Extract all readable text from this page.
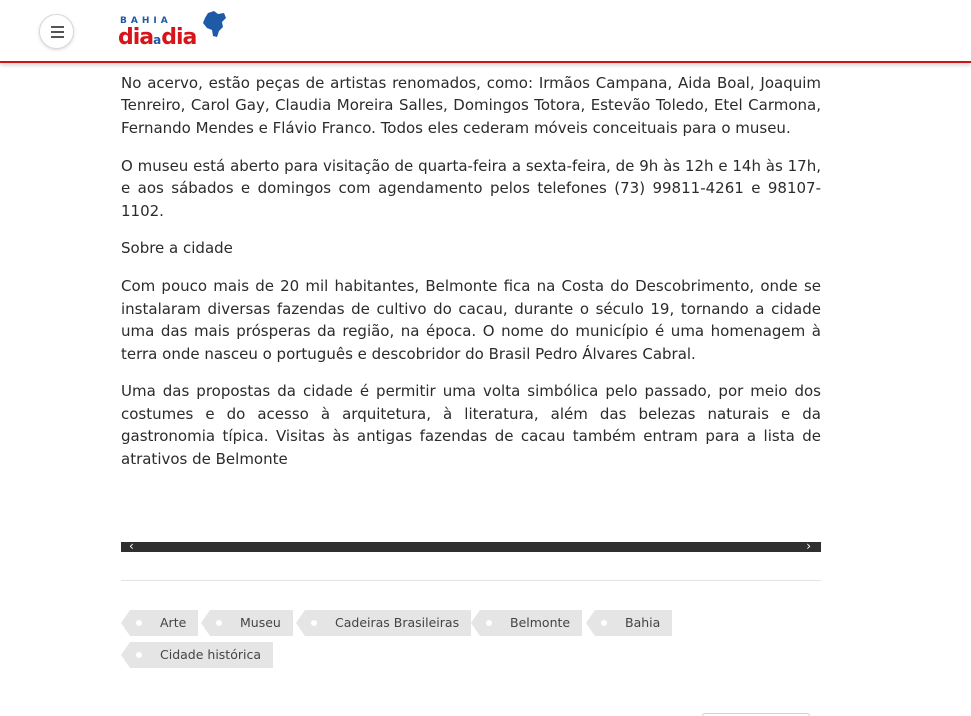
BAHIA
diaadia

No acervo, estão peças de artistas renomados, como: Irmãos Campana, Aida Boal, Joaquim Tenreiro, Carol Gay, Claudia Moreira Salles, Domingos Totora, Estevão Toledo, Etel Carmona, Fernando Mendes e Flávio Franco. Todos eles cederam móveis conceituais para o museu.

O museu está aberto para visitação de quarta-feira a sexta-feira, de 9h às 12h e 14h às 17h, e aos sábados e domingos com agendamento pelos telefones (73) 99811-4261 e 98107-1102.

Sobre a cidade

Com pouco mais de 20 mil habitantes, Belmonte fica na Costa do Descobrimento, onde se instalaram diversas fazendas de cultivo do cacau, durante o século 19, tornando a cidade uma das mais prósperas da região, na época. O nome do município é uma homenagem à terra onde nasceu o português e descobridor do Brasil Pedro Álvares Cabral.

Uma das propostas da cidade é permitir uma volta simbólica pelo passado, por meio dos costumes e do acesso à arquitetura, à literatura, além das belezas naturais e da gastronomia típica. Visitas às antigas fazendas de cacau também entram para a lista de atrativos de Belmonte

‹	›
Arte	Museu	Cadeiras Brasileiras	Belmonte	Bahia
Cidade histórica
